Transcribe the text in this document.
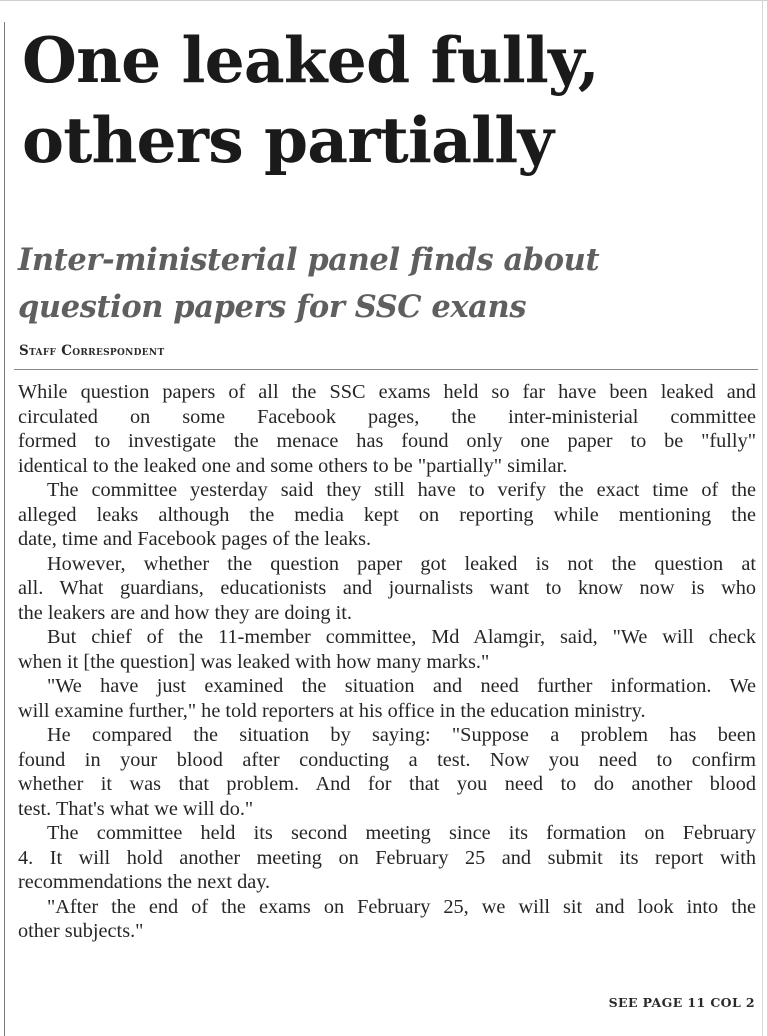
One leaked fully,
others partially
Inter-ministerial panel finds about
question papers for SSC exans
Staff Correspondent
While question papers of all the SSC exams held so far have been leaked and
circulated on some Facebook pages, the inter-ministerial committee
formed to investigate the menace has found only one paper to be "fully"
identical to the leaked one and some others to be "partially" similar.
The committee yesterday said they still have to verify the exact time of the
alleged leaks although the media kept on reporting while mentioning the
date, time and Facebook pages of the leaks.
However, whether the question paper got leaked is not the question at
all. What guardians, educationists and journalists want to know now is who
the leakers are and how they are doing it.
But chief of the 11-member committee, Md Alamgir, said, "We will check
when it [the question] was leaked with how many marks."
"We have just examined the situation and need further information. We
will examine further," he told reporters at his office in the education ministry.
He compared the situation by saying: "Suppose a problem has been
found in your blood after conducting a test. Now you need to confirm
whether it was that problem. And for that you need to do another blood
test. That's what we will do."
The committee held its second meeting since its formation on February
4. It will hold another meeting on February 25 and submit its report with
recommendations the next day.
"After the end of the exams on February 25, we will sit and look into the
other subjects."
SEE PAGE 11 COL 2
